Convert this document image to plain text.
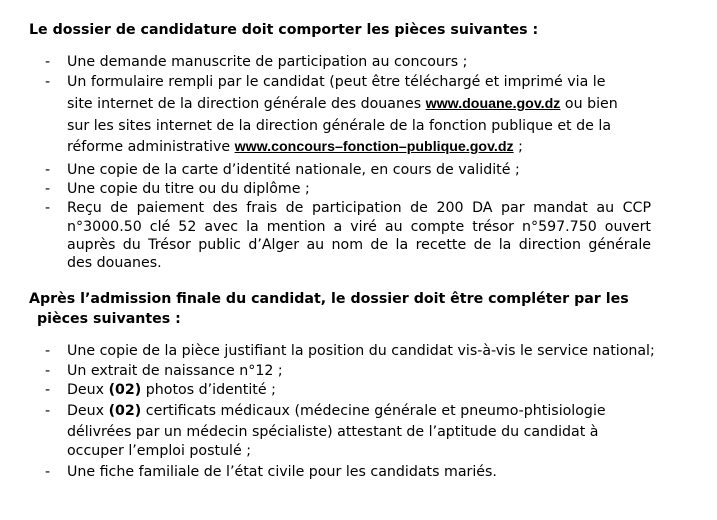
Le dossier de candidature doit comporter les pièces suivantes :
- Une demande manuscrite de participation au concours ;
- Un formulaire rempli par le candidat (peut être téléchargé et imprimé via le
site internet de la direction générale des douanes www.douane.gov.dz ou bien
sur les sites internet de la direction générale de la fonction publique et de la
réforme administrative www.concours–fonction–publique.gov.dz ;
- Une copie de la carte d’identité nationale, en cours de validité ;
- Une copie du titre ou du diplôme ;
- Reçu de paiement des frais de participation de 200 DA par mandat au CCP
n°3000.50 clé 52 avec la mention a viré au compte trésor n°597.750 ouvert
auprès du Trésor public d’Alger au nom de la recette de la direction générale
des douanes.
Après l’admission finale du candidat, le dossier doit être compléter par les
pièces suivantes :
- Une copie de la pièce justifiant la position du candidat vis-à-vis le service national;
- Un extrait de naissance n°12 ;
- Deux (02) photos d’identité ;
- Deux (02) certificats médicaux (médecine générale et pneumo-phtisiologie
délivrées par un médecin spécialiste) attestant de l’aptitude du candidat à
occuper l’emploi postulé ;
- Une fiche familiale de l’état civile pour les candidats mariés.
